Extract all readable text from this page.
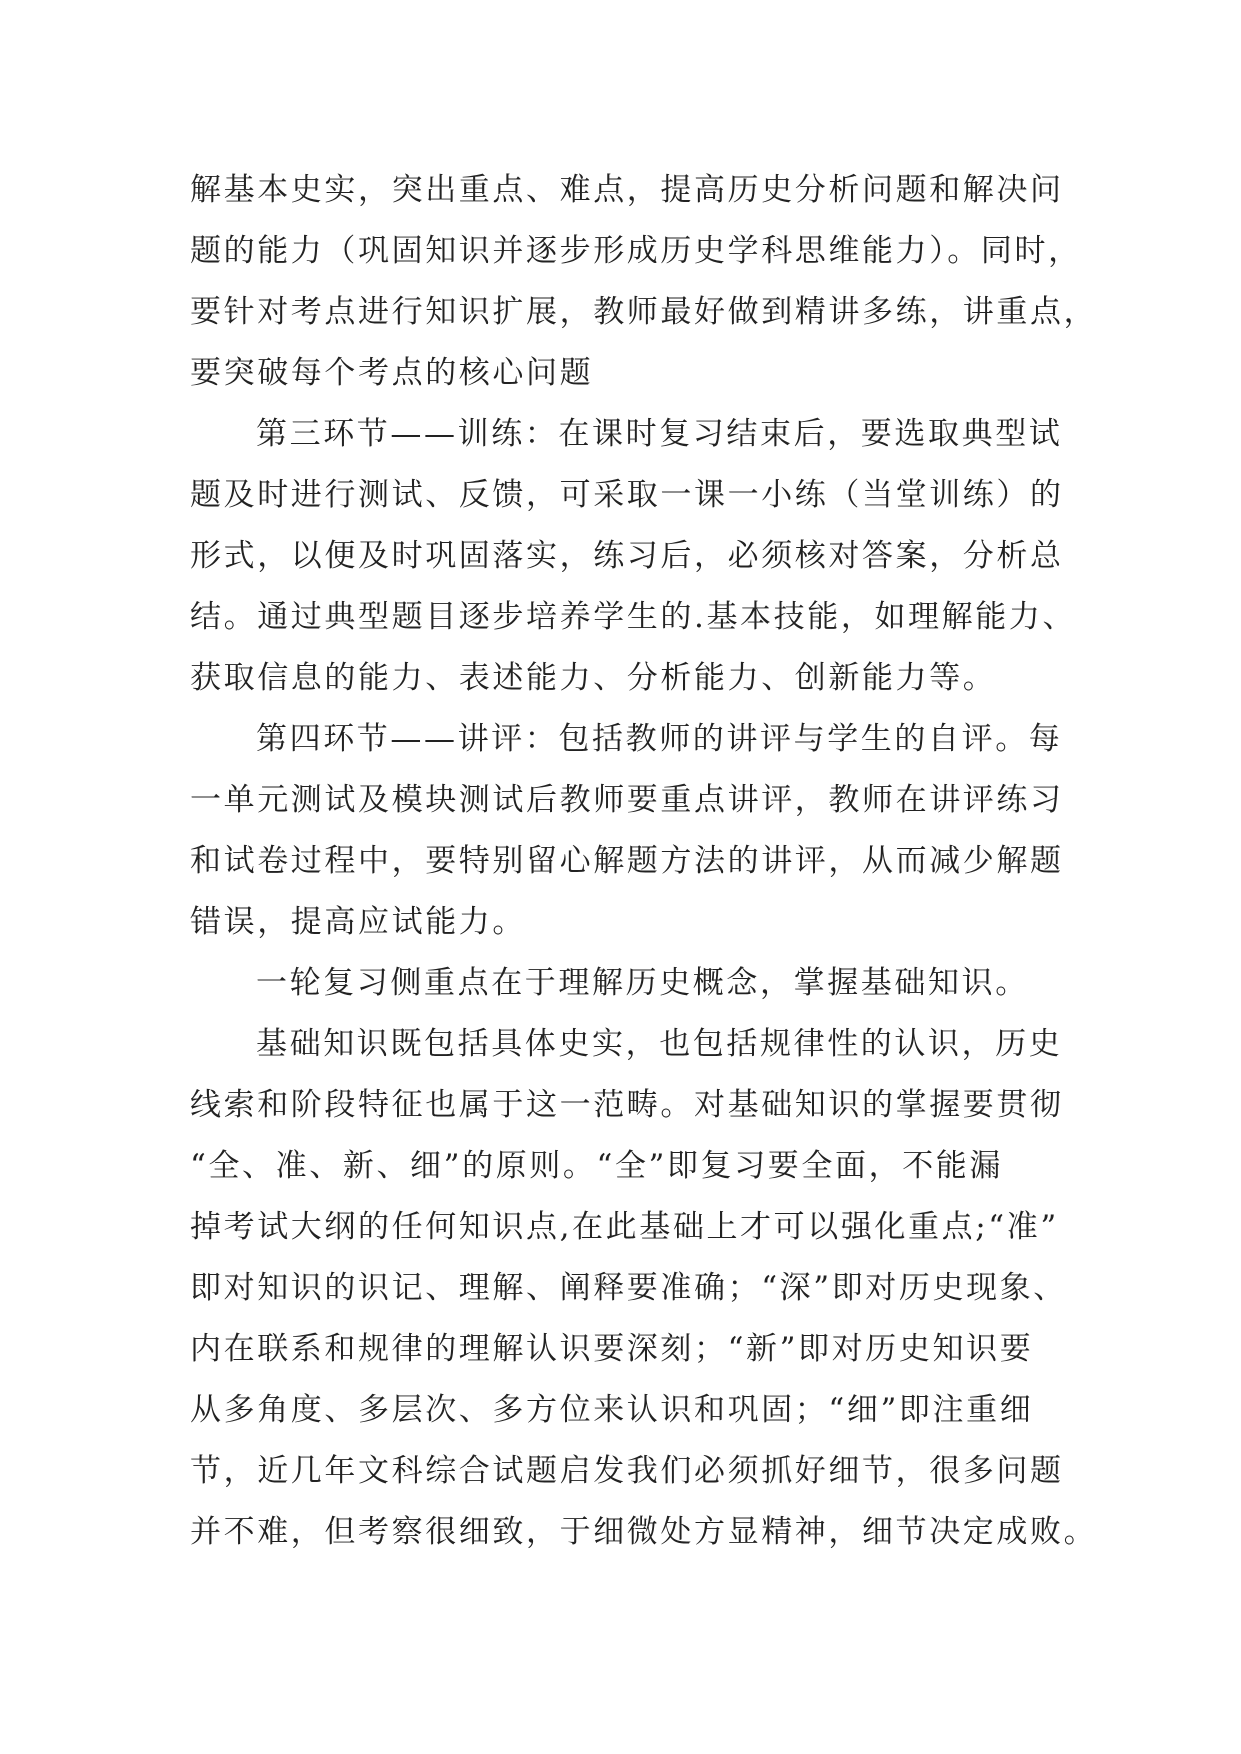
解基本史实，突出重点、难点，提高历史分析问题和解决问
题的能力（巩固知识并逐步形成历史学科思维能力）。同时，
要针对考点进行知识扩展，教师最好做到精讲多练，讲重点，
要突破每个考点的核心问题
第三环节——训练：在课时复习结束后，要选取典型试
题及时进行测试、反馈，可采取一课一小练（当堂训练）的
形式，以便及时巩固落实，练习后，必须核对答案，分析总
结。通过典型题目逐步培养学生的.基本技能，如理解能力、
获取信息的能力、表述能力、分析能力、创新能力等。
第四环节——讲评：包括教师的讲评与学生的自评。每
一单元测试及模块测试后教师要重点讲评，教师在讲评练习
和试卷过程中，要特别留心解题方法的讲评，从而减少解题
错误，提高应试能力。
一轮复习侧重点在于理解历史概念，掌握基础知识。
基础知识既包括具体史实，也包括规律性的认识，历史
线索和阶段特征也属于这一范畴。对基础知识的掌握要贯彻
“全、准、新、细”的原则。“全”即复习要全面，不能漏
掉考试大纲的任何知识点,在此基础上才可以强化重点;“准”
即对知识的识记、理解、阐释要准确；“深”即对历史现象、
内在联系和规律的理解认识要深刻；“新”即对历史知识要
从多角度、多层次、多方位来认识和巩固；“细”即注重细
节，近几年文科综合试题启发我们必须抓好细节，很多问题
并不难，但考察很细致，于细微处方显精神，细节决定成败。
